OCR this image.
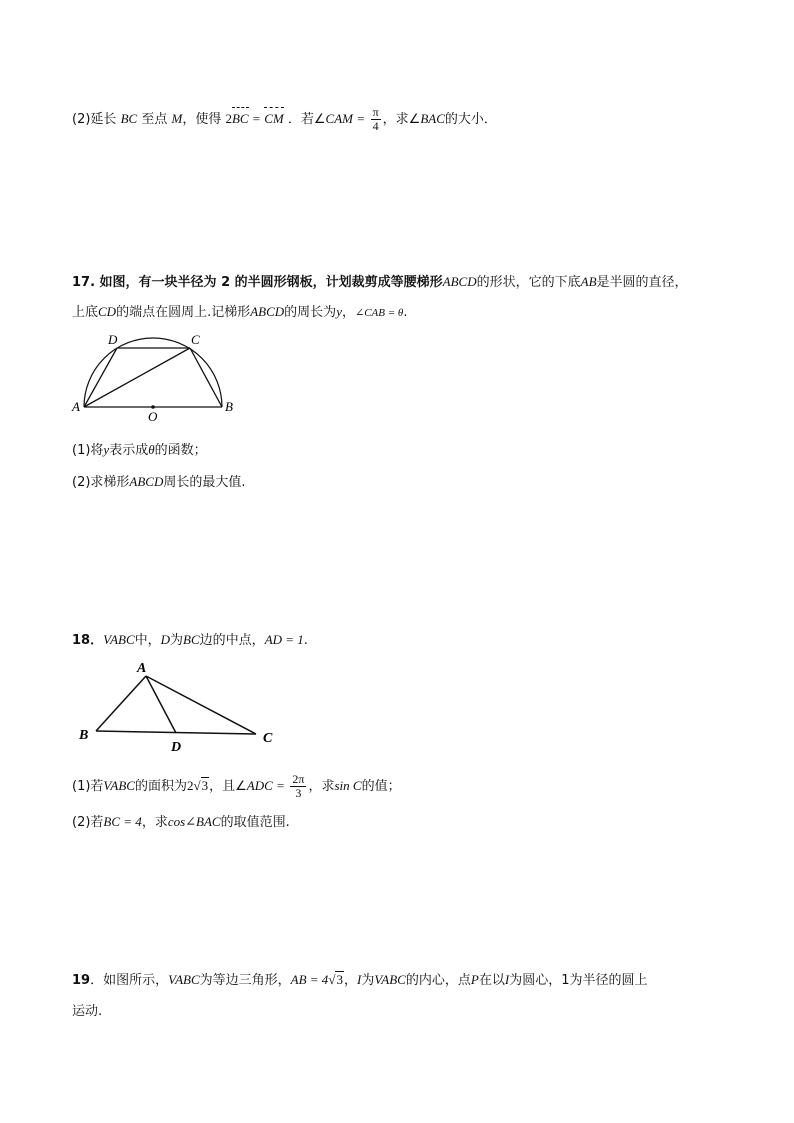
(2)延长 BC 至点 M，使得 2BC = CM ．若∠CAM = $\frac{\pi}{4}$ ，求∠BAC的大小．
17. 如图，有一块半径为 2 的半圆形钢板，计划裁剪成等腰梯形ABCD的形状，它的下底AB是半圆的直径，
上底CD的端点在圆周上.记梯形ABCD的周长为y，∠CAB = θ.
D	C
A
O
B
(1)将y表示成θ的函数；
(2)求梯形ABCD周长的最大值.
18．VABC中，D为BC边的中点，AD = 1.
A
B
D
C
(1)若VABC的面积为2√3，且∠ADC = $\frac{2\pi}{3}$ ，求sin C的值；
(2)若BC = 4，求cos∠BAC的取值范围.
19．如图所示，VABC为等边三角形，AB = 4√3，I为VABC的内心，点P在以I为圆心，1为半径的圆上
运动.
